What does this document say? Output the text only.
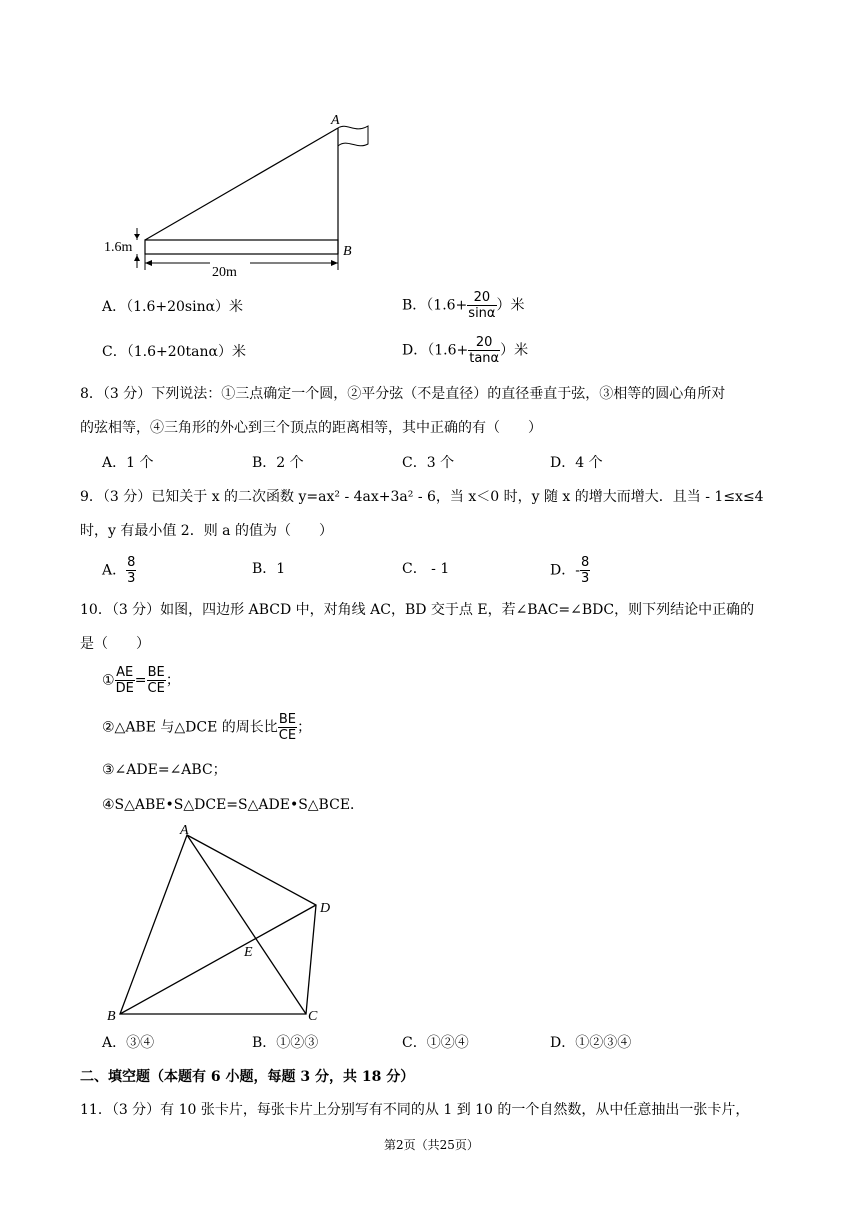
A
B
1.6m
20m
A．（1.6+20sinα）米	B．（$1.6+ \frac{20}{\sin\alpha}$ ）米
C．（1.6+20tanα）米	D．（$1.6+ \frac{20}{\tan\alpha}$ ）米
8．（3 分）下列说法：①三点确定一个圆，②平分弦（不是直径）的直径垂直于弦，③相等的圆心角所对
的弦相等，④三角形的外心到三个顶点的距离相等，其中正确的有（　　）
A．1 个	B．2 个	C．3 个	D．4 个
9．（3 分）已知关于 x 的二次函数 y=ax² - 4ax+3a² - 6，当 x＜0 时，y 随 x 的增大而增大．且当 - 1≤x≤4
时，y 有最小值 2．则 a 的值为（　　）
A． $\frac{8}{3}$	B．1	C． - 1	D．- $\frac{8}{3}$
10．（3 分）如图，四边形 ABCD 中，对角线 AC，BD 交于点 E，若∠BAC=∠BDC，则下列结论中正确的
是（　　）
① $\frac{AE}{DE} = \frac{BE}{CE}$ ；
②△ABE 与△DCE 的周长比 $\frac{BE}{CE}$ ；
③∠ADE=∠ABC；
④S△ABE•S△DCE=S△ADE•S△BCE．
A
B	C
D
E
A．③④	B．①②③	C．①②④	D．①②③④
二、填空题（本题有 6 小题，每题 3 分，共 18 分）
11．（3 分）有 10 张卡片，每张卡片上分别写有不同的从 1 到 10 的一个自然数，从中任意抽出一张卡片，
第2页（共25页）
